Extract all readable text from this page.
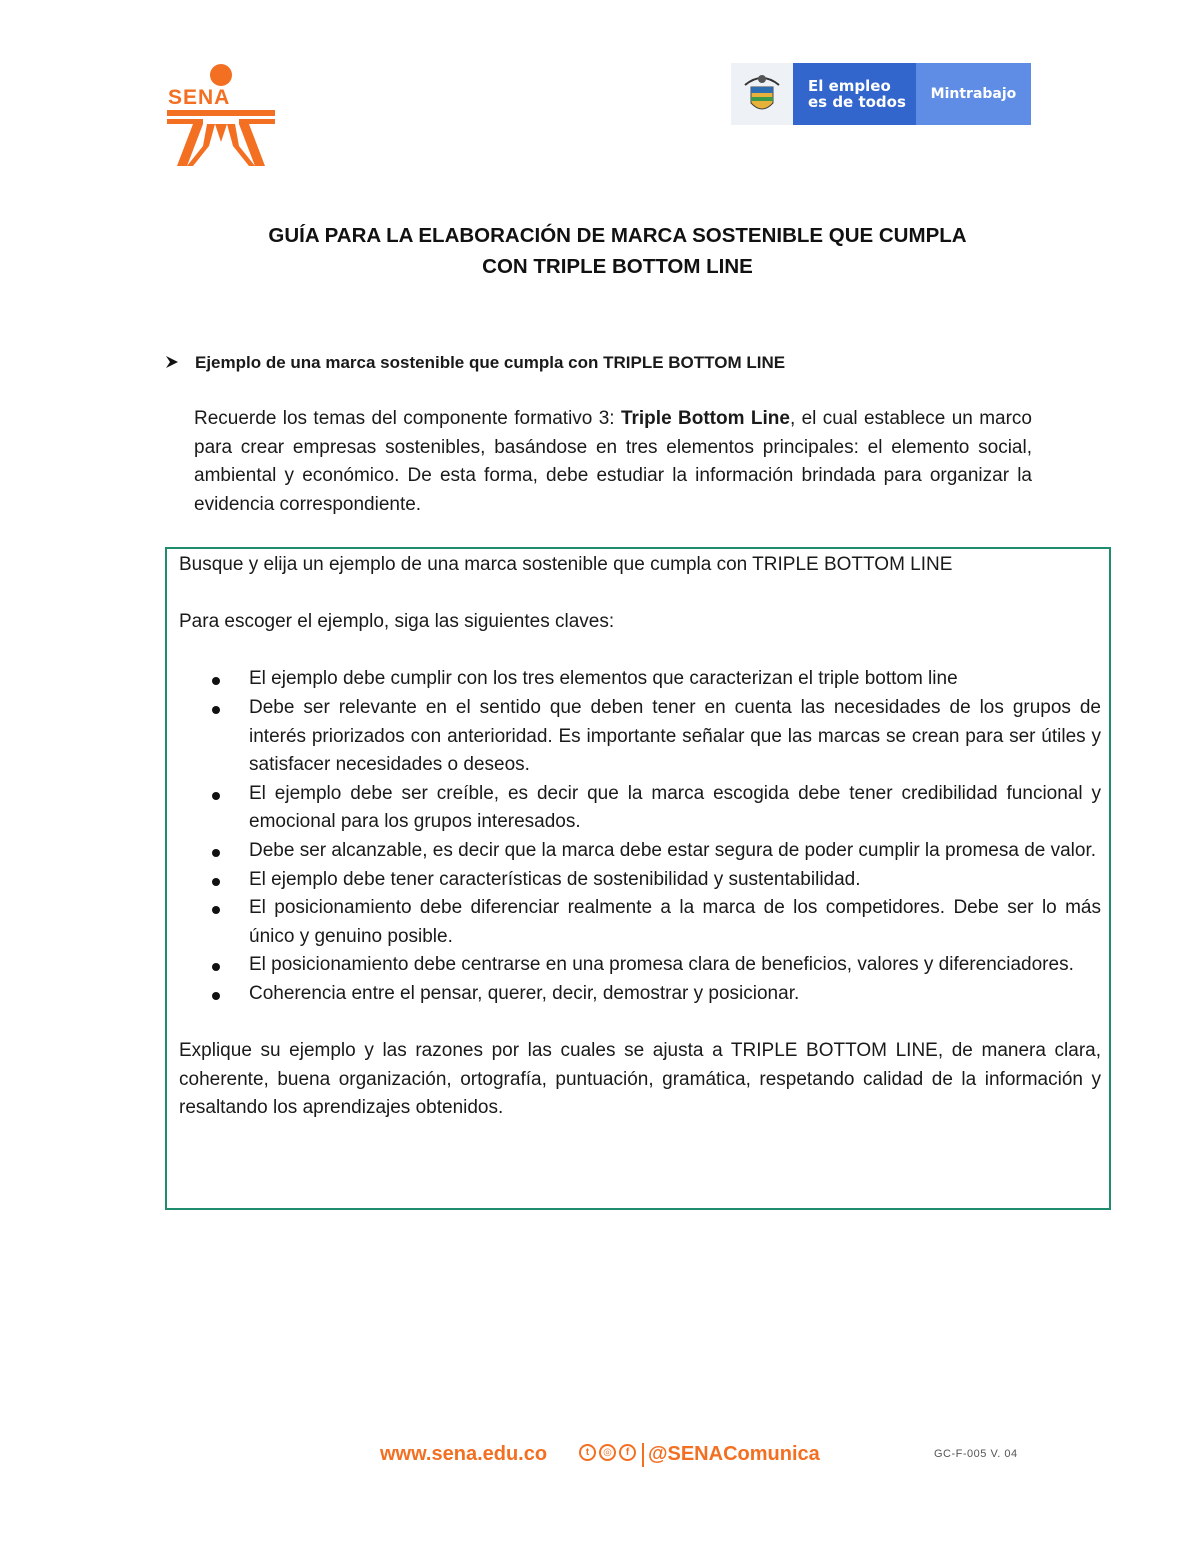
SENA	El empleo
es de todos	Mintrabajo
GUÍA PARA LA ELABORACIÓN DE MARCA SOSTENIBLE QUE CUMPLA
CON TRIPLE BOTTOM LINE
Ejemplo de una marca sostenible que cumpla con TRIPLE BOTTOM LINE
Recuerde los temas del componente formativo 3: Triple Bottom Line, el cual establece un marco para crear empresas sostenibles, basándose en tres elementos principales: el elemento social, ambiental y económico. De esta forma, debe estudiar la información brindada para organizar la evidencia correspondiente.

Busque y elija un ejemplo de una marca sostenible que cumpla con TRIPLE BOTTOM LINE

Para escoger el ejemplo, siga las siguientes claves:

El ejemplo debe cumplir con los tres elementos que caracterizan el triple bottom line
Debe ser relevante en el sentido que deben tener en cuenta las necesidades de los grupos de interés priorizados con anterioridad. Es importante señalar que las marcas se crean para ser útiles y satisfacer necesidades o deseos.
El ejemplo debe ser creíble, es decir que la marca escogida debe tener credibilidad funcional y emocional para los grupos interesados.
Debe ser alcanzable, es decir que la marca debe estar segura de poder cumplir la promesa de valor.
El ejemplo debe tener características de sostenibilidad y sustentabilidad.
El posicionamiento debe diferenciar realmente a la marca de los competidores. Debe ser lo más único y genuino posible.
El posicionamiento debe centrarse en una promesa clara de beneficios, valores y diferenciadores.
Coherencia entre el pensar, querer, decir, demostrar y posicionar.

Explique su ejemplo y las razones por las cuales se ajusta a TRIPLE BOTTOM LINE, de manera clara, coherente, buena organización, ortografía, puntuación, gramática, respetando calidad de la información y resaltando los aprendizajes obtenidos.

www.sena.edu.co	t	◎	f @SENAComunica	GC-F-005 V. 04
